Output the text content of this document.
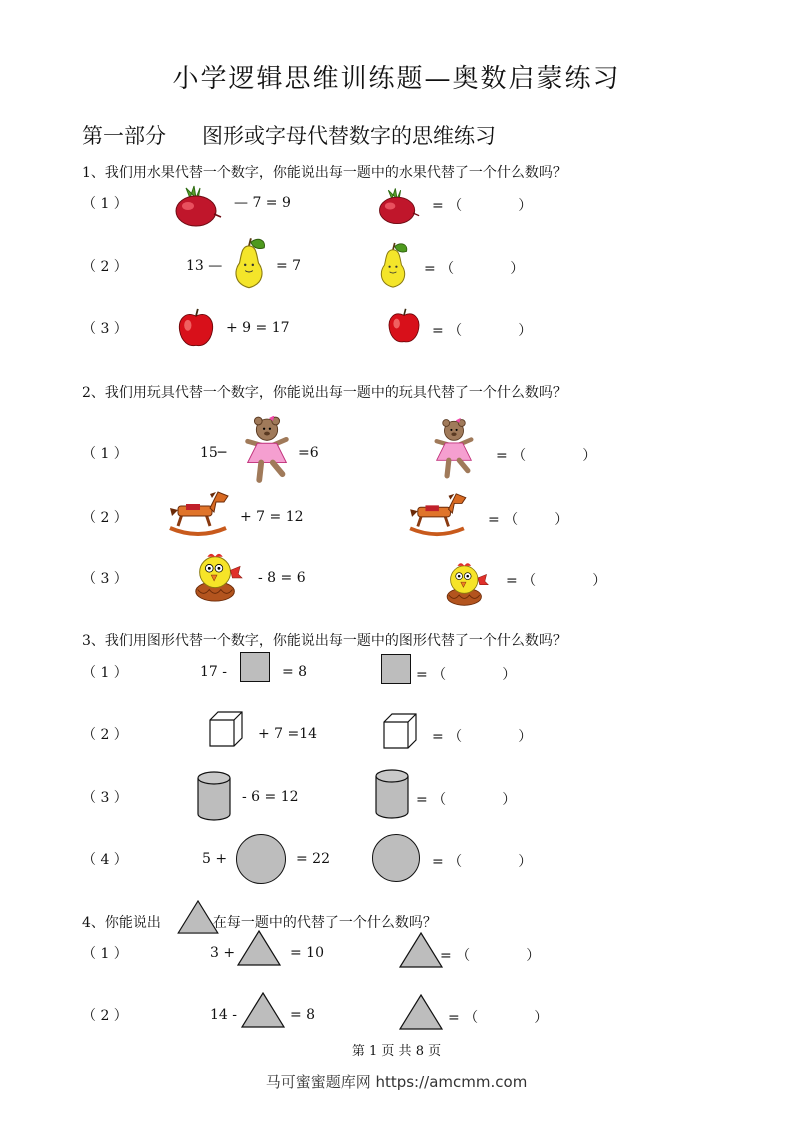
小学逻辑思维训练题—奥数启蒙练习
第一部分 图形或字母代替数字的思维练习
1、我们用水果代替一个数字，你能说出每一题中的水果代替了一个什么数吗？
（ 1 ）	— 7 = 9	= （	）
（ 2 ）	13 —	= 7	= （	）
（ 3 ）	+ 9 = 17	= （	）
2、我们用玩具代替一个数字，你能说出每一题中的玩具代替了一个什么数吗？
（ 1 ）	15─	=6	= （	）
（ 2 ）	+ 7 = 12	= （	）
（ 3 ）	- 8 = 6	= （	）
3、我们用图形代替一个数字，你能说出每一题中的图形代替了一个什么数吗？
（ 1 ）	17 -	= 8	= （	）
（ 2 ）	+ 7 =14	= （	）
（ 3 ）	- 6 = 12	= （	）
（ 4 ）	5 +	= 22	= （	）
4、你能说出	在每一题中的代替了一个什么数吗？
（ 1 ）	3 +	= 10	= （	）
（ 2 ）	14 -	= 8	= （	）
第 1 页 共 8 页
马可蜜蜜题库网 https://amcmm.com
